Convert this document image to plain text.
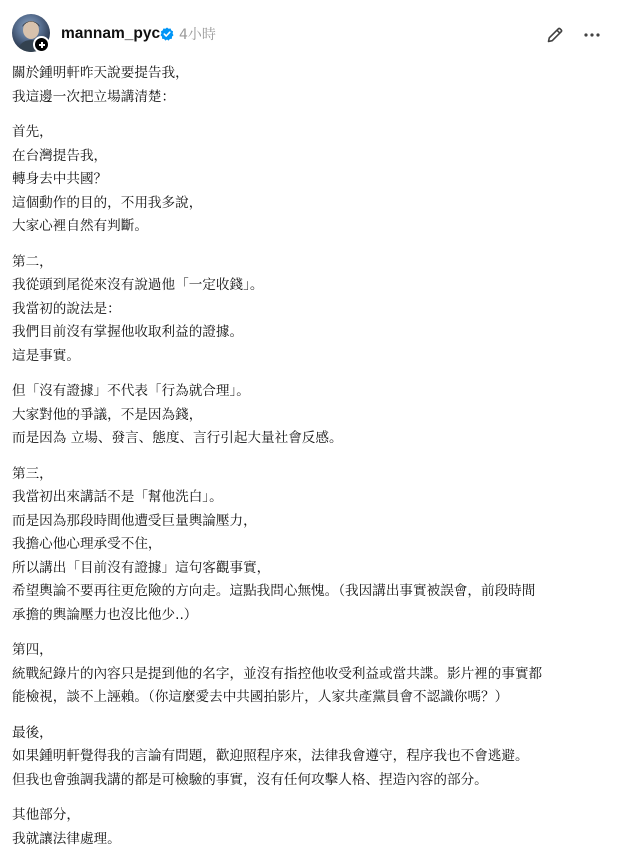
mannam_pyc 4小時
關於鍾明軒昨天說要提告我，
我這邊一次把立場講清楚：
首先，
在台灣提告我，
轉身去中共國？
這個動作的目的，不用我多說，
大家心裡自然有判斷。
第二，
我從頭到尾從來沒有說過他「一定收錢」。
我當初的說法是：
我們目前沒有掌握他收取利益的證據。
這是事實。
但「沒有證據」不代表「行為就合理」。
大家對他的爭議，不是因為錢，
而是因為 立場、發言、態度、言行引起大量社會反感。
第三，
我當初出來講話不是「幫他洗白」。
而是因為那段時間他遭受巨量輿論壓力，
我擔心他心理承受不住，
所以講出「目前沒有證據」這句客觀事實，
希望輿論不要再往更危險的方向走。這點我問心無愧。（我因講出事實被誤會，前段時間
承擔的輿論壓力也沒比他少..）
第四，
統戰紀錄片的內容只是提到他的名字，並沒有指控他收受利益或當共諜。影片裡的事實都
能檢視，談不上誣賴。（你這麼愛去中共國拍影片，人家共產黨員會不認識你嗎？）
最後，
如果鍾明軒覺得我的言論有問題，歡迎照程序來，法律我會遵守，程序我也不會逃避。
但我也會強調我講的都是可檢驗的事實，沒有任何攻擊人格、捏造內容的部分。
其他部分，
我就讓法律處理。
